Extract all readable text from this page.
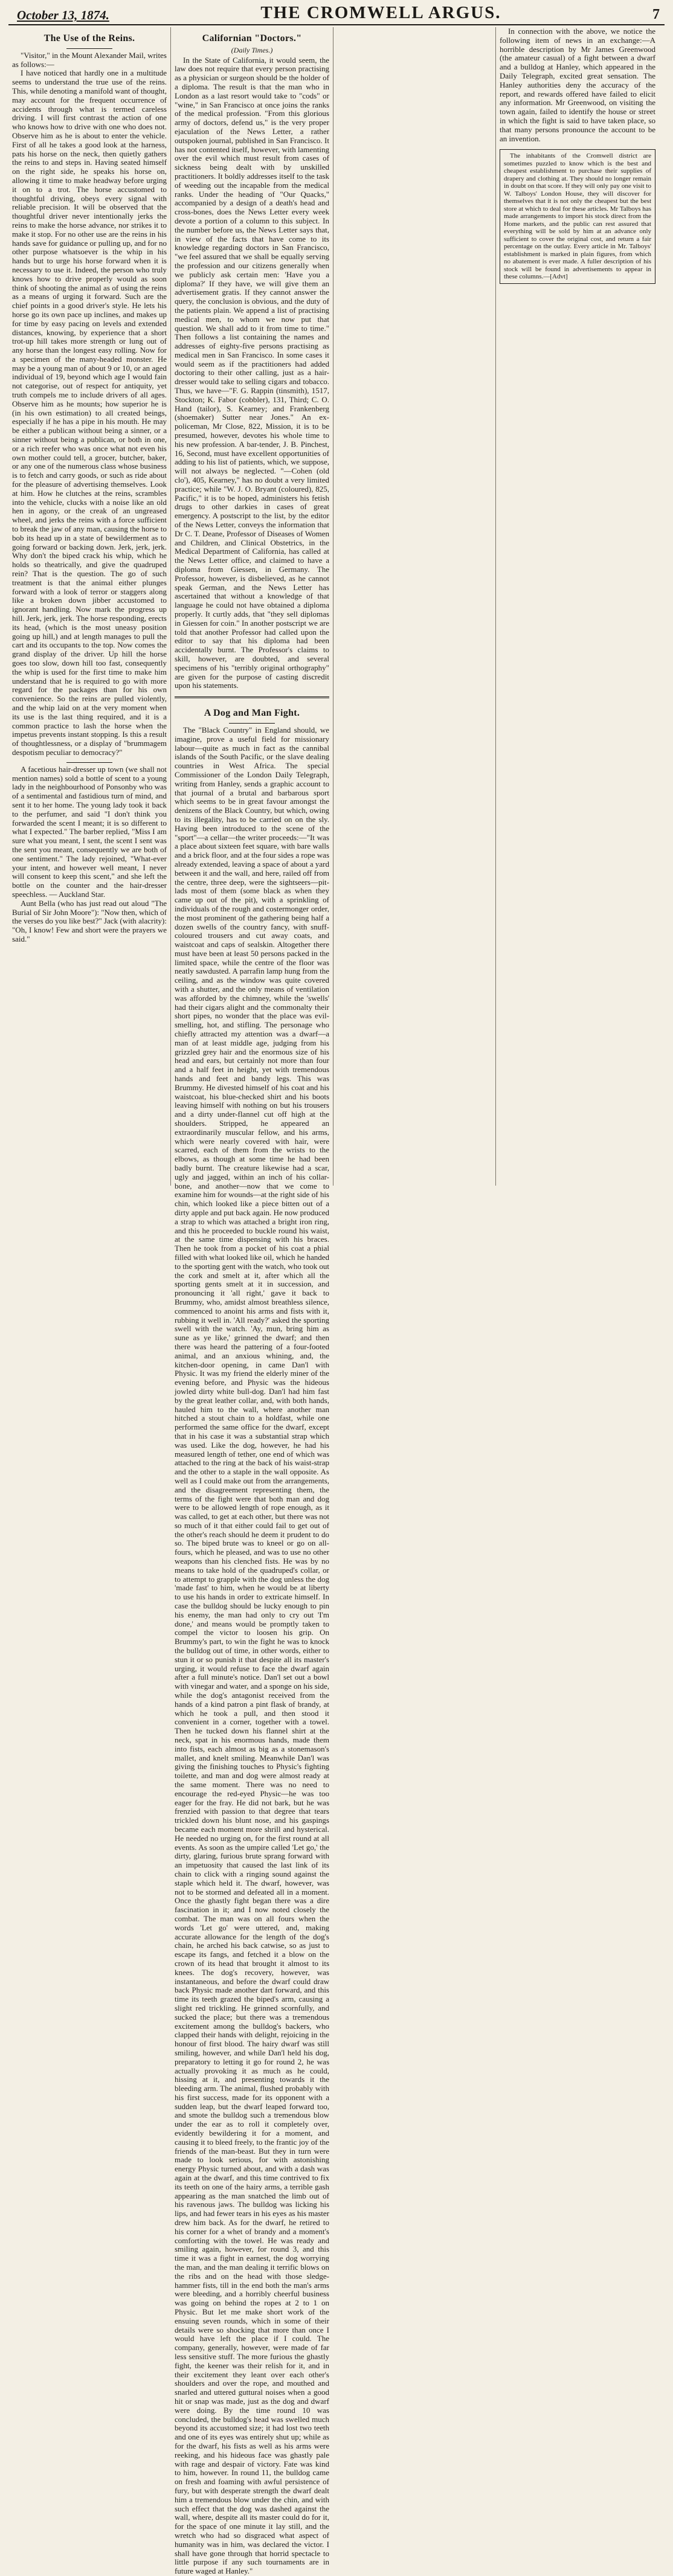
October 13, 1874.	THE CROMWELL ARGUS.	7
The Use of the Reins.

"Visitor," in the Mount Alexander Mail, writes as follows:—

I have noticed that hardly one in a multitude seems to understand the true use of the reins. This, while denoting a manifold want of thought, may account for the frequent occurrence of accidents through what is termed careless driving. I will first contrast the action of one who knows how to drive with one who does not. Observe him as he is about to enter the vehicle. First of all he takes a good look at the harness, pats his horse on the neck, then quietly gathers the reins to and steps in. Having seated himself on the right side, he speaks his horse on, allowing it time to make headway before urging it on to a trot. The horse accustomed to thoughtful driving, obeys every signal with reliable precision. It will be observed that the thoughtful driver never intentionally jerks the reins to make the horse advance, nor strikes it to make it stop. For no other use are the reins in his hands save for guidance or pulling up, and for no other purpose whatsoever is the whip in his hands but to urge his horse forward when it is necessary to use it. Indeed, the person who truly knows how to drive properly would as soon think of shooting the animal as of using the reins as a means of urging it forward. Such are the chief points in a good driver's style. He lets his horse go its own pace up inclines, and makes up for time by easy pacing on levels and extended distances, knowing, by experience that a short trot-up hill takes more strength or lung out of any horse than the longest easy rolling. Now for a specimen of the many-headed monster. He may be a young man of about 9 or 10, or an aged individual of 19, beyond which age I would fain not categorise, out of respect for antiquity, yet truth compels me to include drivers of all ages. Observe him as he mounts; how superior he is (in his own estimation) to all created beings, especially if he has a pipe in his mouth. He may be either a publican without being a sinner, or a sinner without being a publican, or both in one, or a rich reefer who was once what not even his own mother could tell, a grocer, butcher, baker, or any one of the numerous class whose business is to fetch and carry goods, or such as ride about for the pleasure of advertising themselves. Look at him. How he clutches at the reins, scrambles into the vehicle, clucks with a noise like an old hen in agony, or the creak of an ungreased wheel, and jerks the reins with a force sufficient to break the jaw of any man, causing the horse to bob its head up in a state of bewilderment as to going forward or backing down. Jerk, jerk, jerk. Why don't the biped crack his whip, which he holds so theatrically, and give the quadruped rein? That is the question. The go of such treatment is that the animal either plunges forward with a look of terror or staggers along like a broken down jibber accustomed to ignorant handling. Now mark the progress up hill. Jerk, jerk, jerk. The horse responding, erects its head, (which is the most uneasy position going up hill,) and at length manages to pull the cart and its occupants to the top. Now comes the grand display of the driver. Up hill the horse goes too slow, down hill too fast, consequently the whip is used for the first time to make him understand that he is required to go with more regard for the packages than for his own convenience. So the reins are pulled violently, and the whip laid on at the very moment when its use is the last thing required, and it is a common practice to lash the horse when the impetus prevents instant stopping. Is this a result of thoughtlessness, or a display of "brummagem despotism peculiar to democracy?"

A facetious hair-dresser up town (we shall not mention names) sold a bottle of scent to a young lady in the neighbourhood of Ponsonby who was of a sentimental and fastidious turn of mind, and sent it to her home. The young lady took it back to the perfumer, and said "I don't think you forwarded the scent I meant; it is so different to what I expected." The barber replied, "Miss I am sure what you meant, I sent, the scent I sent was the sent you meant, consequently we are both of one sentiment." The lady rejoined, "What-ever your intent, and however well meant, I never will consent to keep this scent," and she left the bottle on the counter and the hair-dresser speechless. — Auckland Star.

Aunt Bella (who has just read out aloud "The Burial of Sir John Moore"): "Now then, which of the verses do you like best?" Jack (with alacrity): "Oh, I know! Few and short were the prayers we said."

Californian "Doctors."
(Daily Times.)

In the State of California, it would seem, the law does not require that every person practising as a physician or surgeon should be the holder of a diploma. The result is that the man who in London as a last resort would take to "cods" or "wine," in San Francisco at once joins the ranks of the medical profession. "From this glorious army of doctors, defend us," is the very proper ejaculation of the News Letter, a rather outspoken journal, published in San Francisco. It has not contented itself, however, with lamenting over the evil which must result from cases of sickness being dealt with by unskilled practitioners. It boldly addresses itself to the task of weeding out the incapable from the medical ranks. Under the heading of "Our Quacks," accompanied by a design of a death's head and cross-bones, does the News Letter every week devote a portion of a column to this subject. In the number before us, the News Letter says that, in view of the facts that have come to its knowledge regarding doctors in San Francisco, "we feel assured that we shall be equally serving the profession and our citizens generally when we publicly ask certain men: 'Have you a diploma?' If they have, we will give them an advertisement gratis. If they cannot answer the query, the conclusion is obvious, and the duty of the patients plain. We append a list of practising medical men, to whom we now put that question. We shall add to it from time to time." Then follows a list containing the names and addresses of eighty-five persons practising as medical men in San Francisco. In some cases it would seem as if the practitioners had added doctoring to their other calling, just as a hair-dresser would take to selling cigars and tobacco. Thus, we have—"F. G. Rappin (tinsmith), 1517, Stockton; K. Fabor (cobbler), 131, Third; C. O. Hand (tailor), S. Kearney; and Frankenberg (shoemaker) Sutter near Jones." An ex-policeman, Mr Close, 822, Mission, it is to be presumed, however, devotes his whole time to his new profession. A bar-tender, J. B. Pinchest, 16, Second, must have excellent opportunities of adding to his list of patients, which, we suppose, will not always be neglected. "—Cohen (old clo'), 405, Kearney," has no doubt a very limited practice; while "W. J. O. Bryant (coloured), 825, Pacific," it is to be hoped, administers his fetish drugs to other darkies in cases of great emergency. A postscript to the list, by the editor of the News Letter, conveys the information that Dr C. T. Deane, Professor of Diseases of Women and Children, and Clinical Obstetrics, in the Medical Department of California, has called at the News Letter office, and claimed to have a diploma from Giessen, in Germany. The Professor, however, is disbelieved, as he cannot speak German, and the News Letter has ascertained that without a knowledge of that language he could not have obtained a diploma properly. It curtly adds, that "they sell diplomas in Giessen for coin." In another postscript we are told that another Professor had called upon the editor to say that his diploma had been accidentally burnt. The Professor's claims to skill, however, are doubted, and several specimens of his "terribly original orthography" are given for the purpose of casting discredit upon his statements.

A Dog and Man Fight.

The "Black Country" in England should, we imagine, prove a useful field for missionary labour—quite as much in fact as the cannibal islands of the South Pacific, or the slave dealing countries in West Africa. The special Commissioner of the London Daily Telegraph, writing from Hanley, sends a graphic account to that journal of a brutal and barbarous sport which seems to be in great favour amongst the denizens of the Black Country, but which, owing to its illegality, has to be carried on on the sly. Having been introduced to the scene of the "sport"—a cellar—the writer proceeds:—"It was a place about sixteen feet square, with bare walls and a brick floor, and at the four sides a rope was already extended, leaving a space of about a yard between it and the wall, and here, railed off from the centre, three deep, were the sightseers—pit-lads most of them (some black as when they came up out of the pit), with a sprinkling of individuals of the rough and costermonger order, the most prominent of the gathering being half a dozen swells of the country fancy, with snuff-coloured trousers and cut away coats, and waistcoat and caps of sealskin. Altogether there must have been at least 50 persons packed in the limited space, while the centre of the floor was neatly sawdusted. A parrafin lamp hung from the ceiling, and as the window was quite covered with a shutter, and the only means of ventilation was afforded by the chimney, while the 'swells' had their cigars alight and the commonalty their short pipes, no wonder that the place was evil-smelling, hot, and stifling. The personage who chiefly attracted my attention was a dwarf—a man of at least middle age, judging from his grizzled grey hair and the enormous size of his head and ears, but certainly not more than four and a half feet in height, yet with tremendous hands and feet and bandy legs. This was Brummy. He divested himself of his coat and his waistcoat, his blue-checked shirt and his boots leaving himself with nothing on but his trousers and a dirty under-flannel cut off high at the shoulders. Stripped, he appeared an extraordinarily muscular fellow, and his arms, which were nearly covered with hair, were scarred, each of them from the wrists to the elbows, as though at some time he had been badly burnt. The creature likewise had a scar, ugly and jagged, within an inch of his collar-bone, and another—now that we come to examine him for wounds—at the right side of his chin, which looked like a piece bitten out of a dirty apple and put back again. He now produced a strap to which was attached a bright iron ring, and this he proceeded to buckle round his waist, at the same time dispensing with his braces. Then he took from a pocket of his coat a phial filled with what looked like oil, which he handed to the sporting gent with the watch, who took out the cork and smelt at it, after which all the sporting gents smelt at it in succession, and pronouncing it 'all right,' gave it back to Brummy, who, amidst almost breathless silence, commenced to anoint his arms and fists with it, rubbing it well in. 'All ready?' asked the sporting swell with the watch. 'Ay, mun, bring him as sune as ye like,' grinned the dwarf; and then there was heard the pattering of a four-footed animal, and an anxious whining, and, the kitchen-door opening, in came Dan'l with Physic. It was my friend the elderly miner of the evening before, and Physic was the hideous jowled dirty white bull-dog. Dan'l had him fast by the great leather collar, and, with both hands, hauled him to the wall, where another man hitched a stout chain to a holdfast, while one performed the same office for the dwarf, except that in his case it was a substantial strap which was used. Like the dog, however, he had his measured length of tether, one end of which was attached to the ring at the back of his waist-strap and the other to a staple in the wall opposite. As well as I could make out from the arrangements, and the disagreement representing them, the terms of the fight were that both man and dog were to be allowed length of rope enough, as it was called, to get at each other, but there was not so much of it that either could fail to get out of the other's reach should he deem it prudent to do so. The biped brute was to kneel or go on all-fours, which he pleased, and was to use no other weapons than his clenched fists. He was by no means to take hold of the quadruped's collar, or to attempt to grapple with the dog unless the dog 'made fast' to him, when he would be at liberty to use his hands in order to extricate himself. In case the bulldog should be lucky enough to pin his enemy, the man had only to cry out 'I'm done,' and means would be promptly taken to compel the victor to loosen his grip. On Brummy's part, to win the fight he was to knock the bulldog out of time, in other words, either to stun it or so punish it that despite all its master's urging, it would refuse to face the dwarf again after a full minute's notice. Dan'l set out a bowl with vinegar and water, and a sponge on his side, while the dog's antagonist received from the hands of a kind patron a pint flask of brandy, at which he took a pull, and then stood it convenient in a corner, together with a towel. Then he tucked down his flannel shirt at the neck, spat in his enormous hands, made them into fists, each almost as big as a stonemason's mallet, and knelt smiling. Meanwhile Dan'l was giving the finishing touches to Physic's fighting toilette, and man and dog were almost ready at the same moment. There was no need to encourage the red-eyed Physic—he was too eager for the fray. He did not bark, but he was frenzied with passion to that degree that tears trickled down his blunt nose, and his gaspings became each moment more shrill and hysterical. He needed no urging on, for the first round at all events. As soon as the umpire called 'Let go,' the dirty, glaring, furious brute sprang forward with an impetuosity that caused the last link of its chain to click with a ringing sound against the staple which held it. The dwarf, however, was not to be stormed and defeated all in a moment. Once the ghastly fight began there was a dire fascination in it; and I now noted closely the combat. The man was on all fours when the words 'Let go' were uttered, and, making accurate allowance for the length of the dog's chain, he arched his back catwise, so as just to escape its fangs, and fetched it a blow on the crown of its head that brought it almost to its knees. The dog's recovery, however, was instantaneous, and before the dwarf could draw back Physic made another dart forward, and this time its teeth grazed the biped's arm, causing a slight red trickling. He grinned scornfully, and sucked the place; but there was a tremendous excitement among the bulldog's backers, who clapped their hands with delight, rejoicing in the honour of first blood. The hairy dwarf was still smiling, however, and while Dan'l held his dog, preparatory to letting it go for round 2, he was actually provoking it as much as he could, hissing at it, and presenting towards it the bleeding arm. The animal, flushed probably with his first success, made for its opponent with a sudden leap, but the dwarf leaped forward too, and smote the bulldog such a tremendous blow under the ear as to roll it completely over, evidently bewildering it for a moment, and causing it to bleed freely, to the frantic joy of the friends of the man-beast. But they in turn were made to look serious, for with astonishing energy Physic turned about, and with a dash was again at the dwarf, and this time contrived to fix its teeth on one of the hairy arms, a terrible gash appearing as the man snatched the limb out of his ravenous jaws. The bulldog was licking his lips, and had fewer tears in his eyes as his master drew him back. As for the dwarf, he retired to his corner for a whet of brandy and a moment's comforting with the towel. He was ready and smiling again, however, for round 3, and this time it was a fight in earnest, the dog worrying the man, and the man dealing it terrific blows on the ribs and on the head with those sledge-hammer fists, till in the end both the man's arms were bleeding, and a horribly cheerful business was going on behind the ropes at 2 to 1 on Physic. But let me make short work of the ensuing seven rounds, which in some of their details were so shocking that more than once I would have left the place if I could. The company, generally, however, were made of far less sensitive stuff. The more furious the ghastly fight, the keener was their relish for it, and in their excitement they leant over each other's shoulders and over the rope, and mouthed and snarled and uttered guttural noises when a good hit or snap was made, just as the dog and dwarf were doing. By the time round 10 was concluded, the bulldog's head was swelled much beyond its accustomed size; it had lost two teeth and one of its eyes was entirely shut up; while as for the dwarf, his fists as well as his arms were reeking, and his hideous face was ghastly pale with rage and despair of victory. Fate was kind to him, however. In round 11, the bulldog came on fresh and foaming with awful persistence of fury, but with desperate strength the dwarf dealt him a tremendous blow under the chin, and with such effect that the dog was dashed against the wall, where, despite all its master could do for it, for the space of one minute it lay still, and the wretch who had so disgraced what aspect of humanity was in him, was declared the victor. I shall have gone through that horrid spectacle to little purpose if any such tournaments are in future waged at Hanley."

In connection with the above, we notice the following item of news in an exchange:—A horrible description by Mr James Greenwood (the amateur casual) of a fight between a dwarf and a bulldog at Hanley, which appeared in the Daily Telegraph, excited great sensation. The Hanley authorities deny the accuracy of the report, and rewards offered have failed to elicit any information. Mr Greenwood, on visiting the town again, failed to identify the house or street in which the fight is said to have taken place, so that many persons pronounce the account to be an invention.

The inhabitants of the Cromwell district are sometimes puzzled to know which is the best and cheapest establishment to purchase their supplies of drapery and clothing at. They should no longer remain in doubt on that score. If they will only pay one visit to W. Talboys' London House, they will discover for themselves that it is not only the cheapest but the best store at which to deal for these articles. Mr Talboys has made arrangements to import his stock direct from the Home markets, and the public can rest assured that everything will be sold by him at an advance only sufficient to cover the original cost, and return a fair percentage on the outlay. Every article in Mr. Talboys' establishment is marked in plain figures, from which no abatement is ever made. A fuller description of his stock will be found in advertisements to appear in these columns.—[Advt]
